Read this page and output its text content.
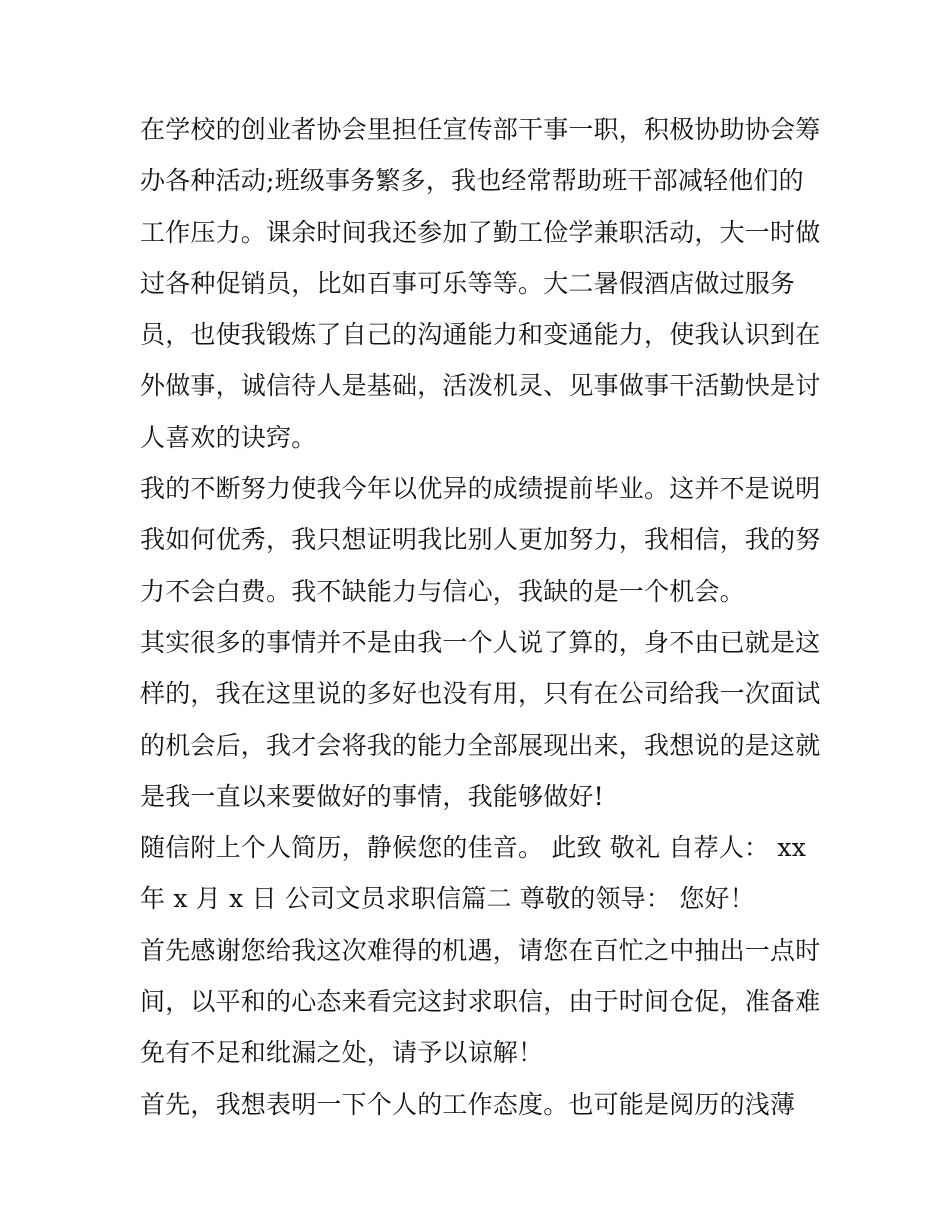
在学校的创业者协会里担任宣传部干事一职，积极协助协会筹
办各种活动;班级事务繁多，我也经常帮助班干部减轻他们的
工作压力。课余时间我还参加了勤工俭学兼职活动，大一时做
过各种促销员，比如百事可乐等等。大二暑假酒店做过服务
员，也使我锻炼了自己的沟通能力和变通能力，使我认识到在
外做事，诚信待人是基础，活泼机灵、见事做事干活勤快是讨
人喜欢的诀窍。
我的不断努力使我今年以优异的成绩提前毕业。这并不是说明
我如何优秀，我只想证明我比别人更加努力，我相信，我的努
力不会白费。我不缺能力与信心，我缺的是一个机会。
其实很多的事情并不是由我一个人说了算的，身不由已就是这
样的，我在这里说的多好也没有用，只有在公司给我一次面试
的机会后，我才会将我的能力全部展现出来，我想说的是这就
是我一直以来要做好的事情，我能够做好!
随信附上个人简历，静候您的佳音。 此致 敬礼 自荐人： xx
年 x 月 x 日 公司文员求职信篇二 尊敬的领导： 您好！
首先感谢您给我这次难得的机遇，请您在百忙之中抽出一点时
间，以平和的心态来看完这封求职信，由于时间仓促，准备难
免有不足和纰漏之处，请予以谅解！
首先，我想表明一下个人的工作态度。也可能是阅历的浅薄
